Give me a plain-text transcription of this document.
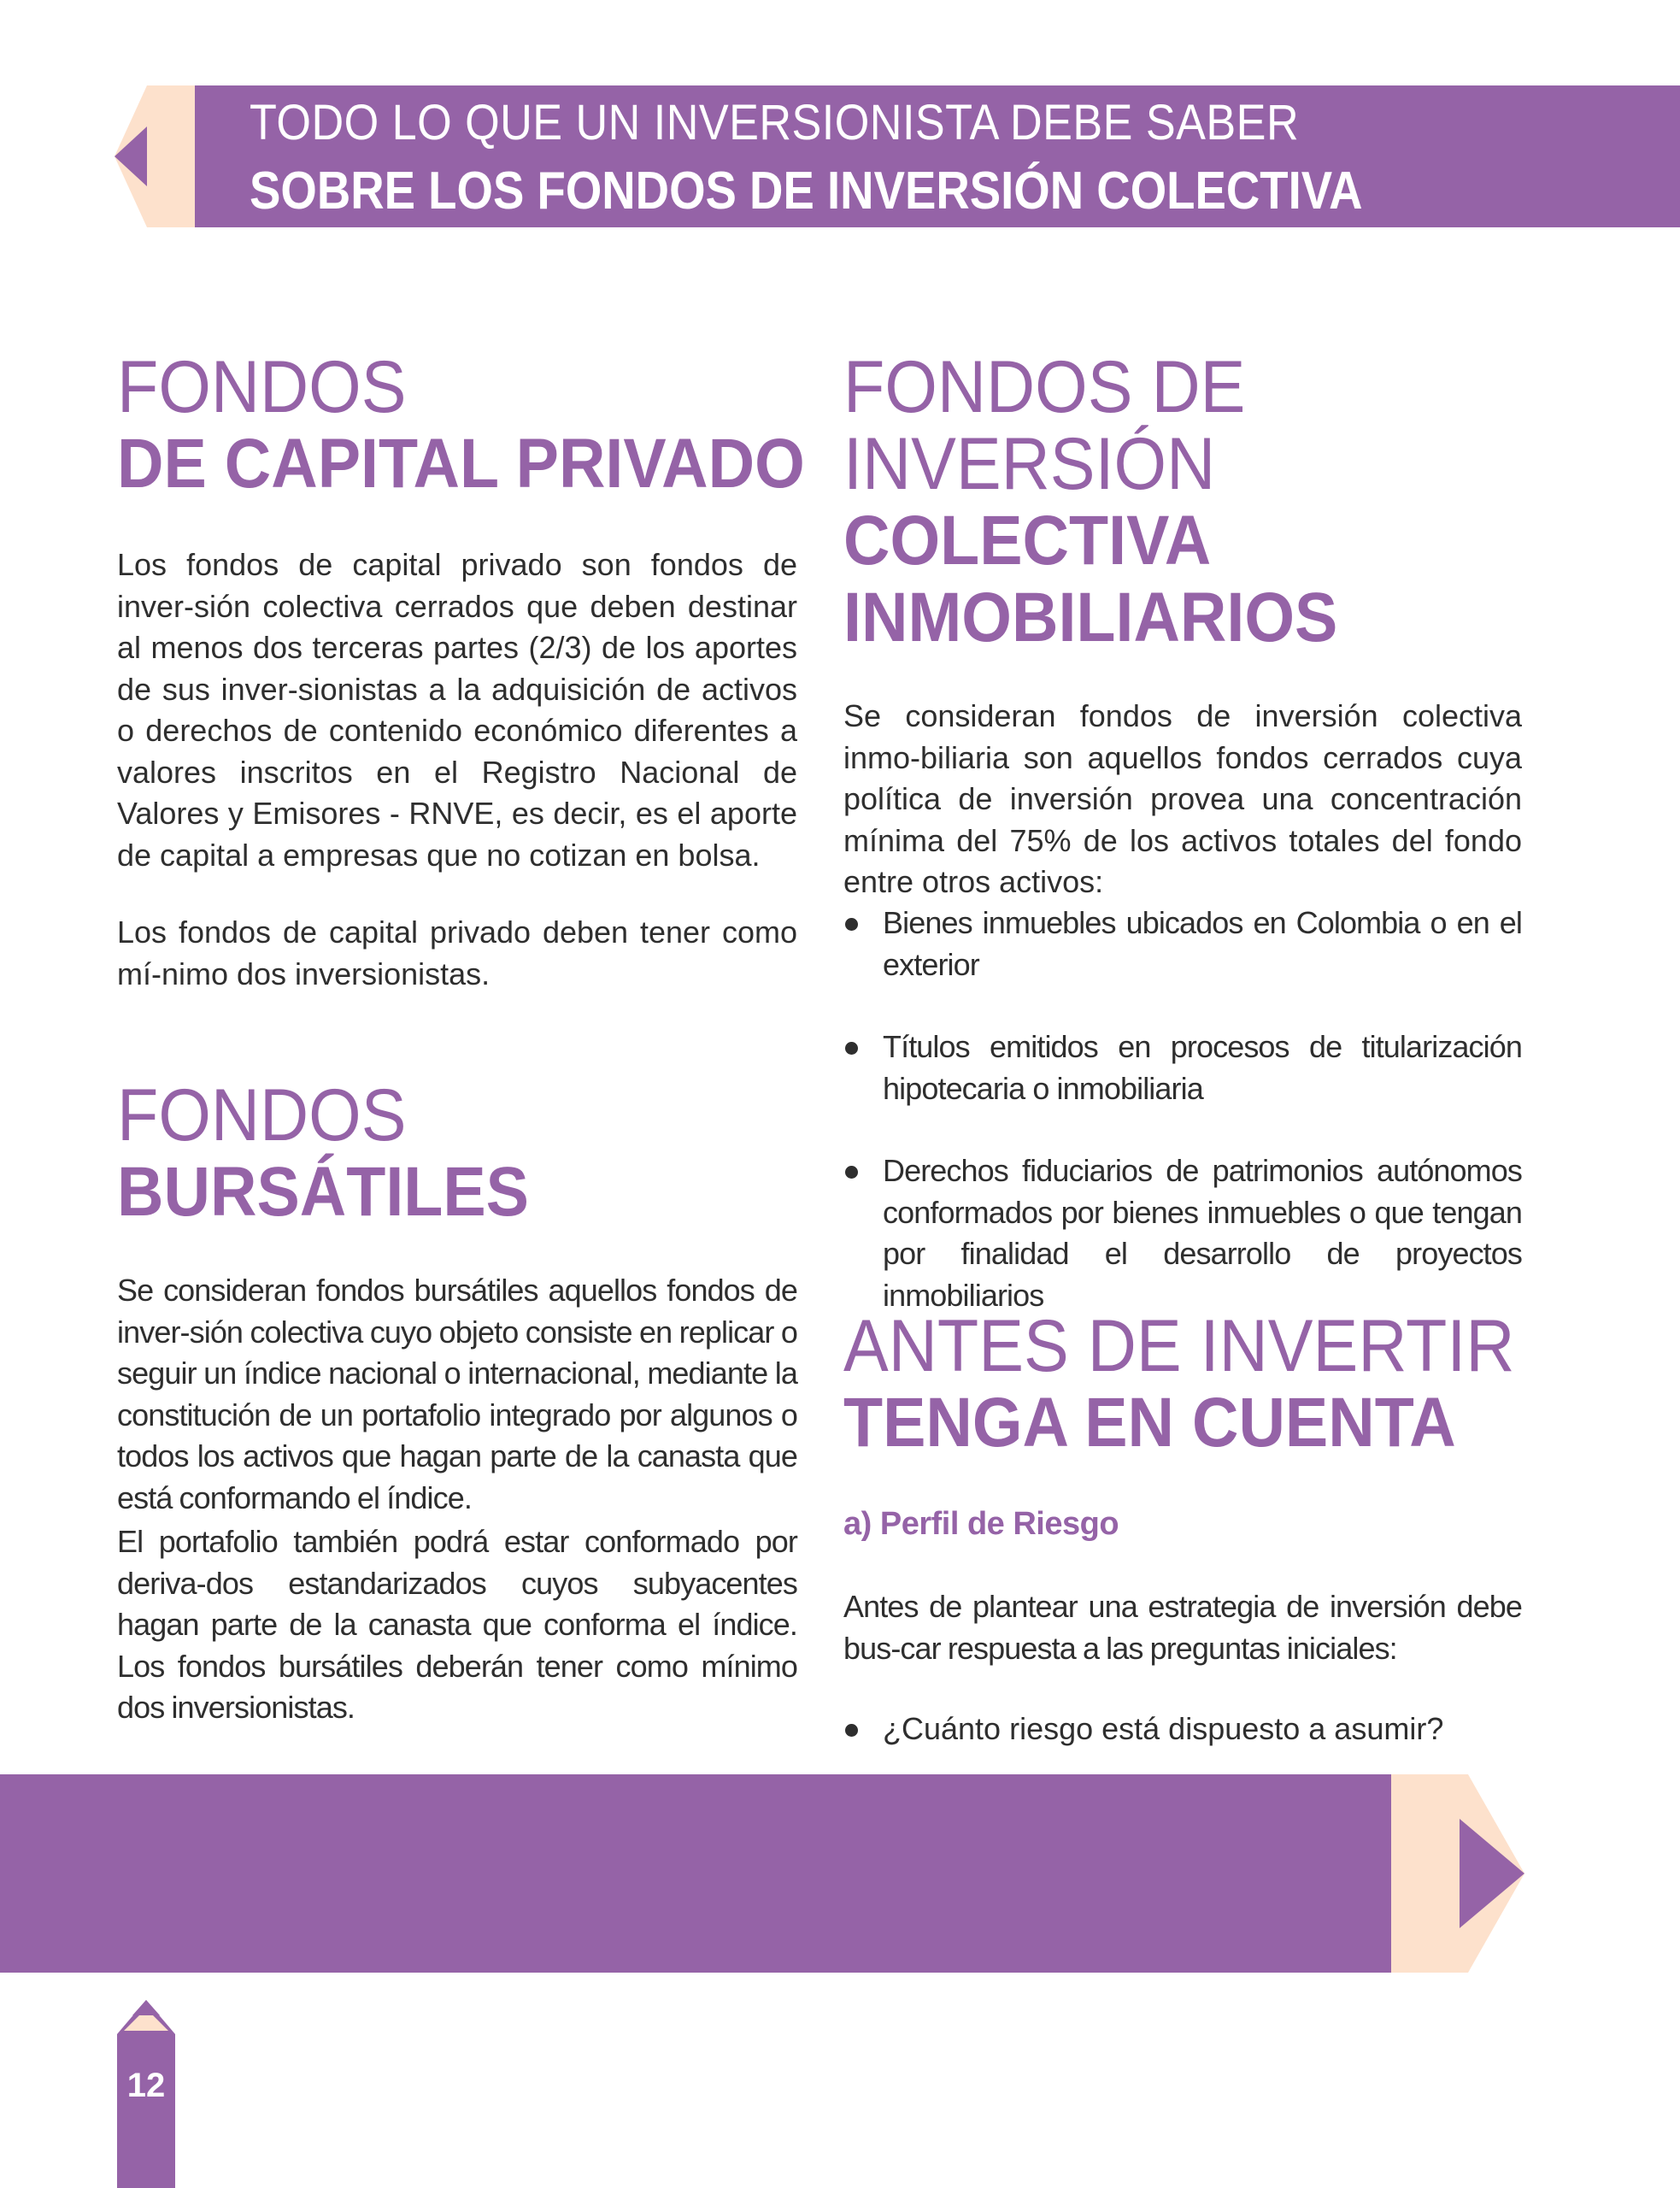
TODO LO QUE UN INVERSIONISTA DEBE SABER
SOBRE LOS FONDOS DE INVERSIÓN COLECTIVA
FONDOS
DE CAPITAL PRIVADO

Los fondos de capital privado son fondos de inver-sión colectiva cerrados que deben destinar al menos dos terceras partes (2/3) de los aportes de sus inver-sionistas a la adquisición de activos o derechos de contenido económico diferentes a valores inscritos en el Registro Nacional de Valores y Emisores - RNVE, es decir, es el aporte de capital a empresas que no cotizan en bolsa.

Los fondos de capital privado deben tener como mí-nimo dos inversionistas.

FONDOS
BURSÁTILES

Se consideran fondos bursátiles aquellos fondos de inver-sión colectiva cuyo objeto consiste en replicar o seguir un índice nacional o internacional, mediante la constitución de un portafolio integrado por algunos o todos los activos que hagan parte de la canasta que está conformando el índice.

El portafolio también podrá estar conformado por deriva-dos estandarizados cuyos subyacentes hagan parte de la canasta que conforma el índice. Los fondos bursátiles deberán tener como mínimo dos inversionistas.

FONDOS DE
INVERSIÓN
COLECTIVA
INMOBILIARIOS

Se consideran fondos de inversión colectiva inmo-biliaria son aquellos fondos cerrados cuya política de inversión provea una concentración mínima del 75% de los activos totales del fondo entre otros activos:

Bienes inmuebles ubicados en Colombia o en el exterior
Títulos emitidos en procesos de titularización hipotecaria o inmobiliaria
Derechos fiduciarios de patrimonios autónomos conformados por bienes inmuebles o que tengan por finalidad el desarrollo de proyectos inmobiliarios
ANTES DE INVERTIR
TENGA EN CUENTA
a) Perfil de Riesgo

Antes de plantear una estrategia de inversión debe bus-car respuesta a las preguntas iniciales:

¿Cuánto riesgo está dispuesto a asumir?
12
